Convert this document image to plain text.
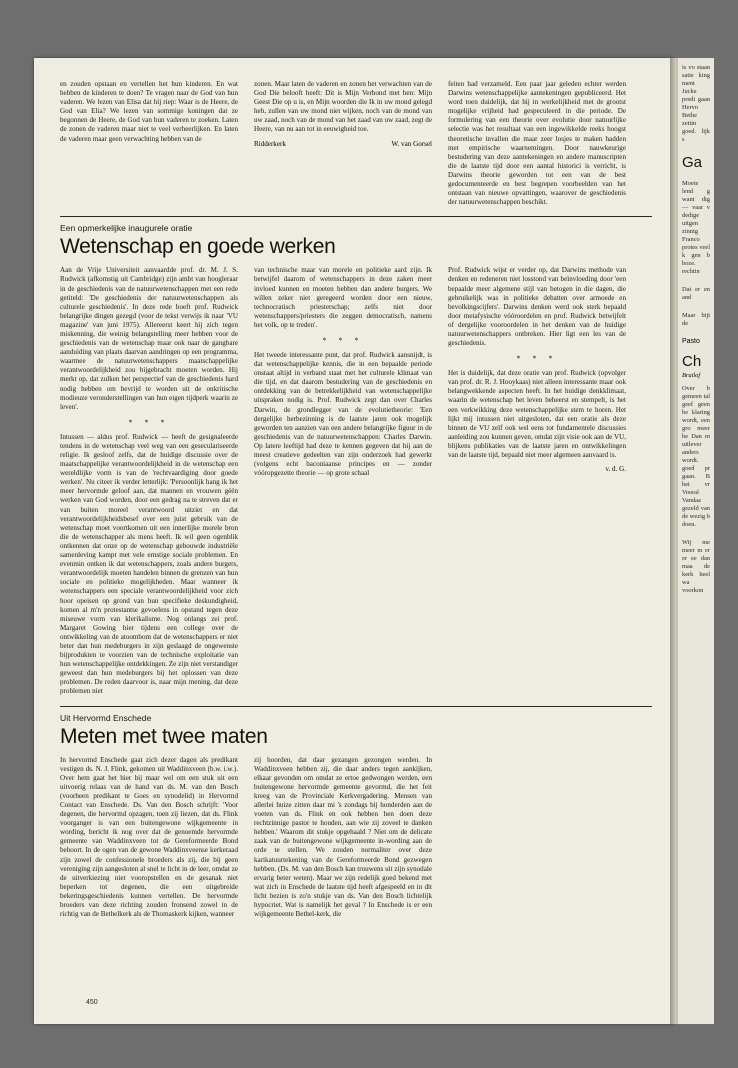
en zouden opstaan en vertellen het hun kinderen. En wat hebben de kinderen te doen? Te vragen naar de God van hun vaderen. We lezen van Elisa dat hij riep: Waar is de Heere, de God van Elia? We lezen van sommige koningen dat ze begonnen de Heere, de God van hun vaderen te zoeken. Laten de zonen de vaderen maar niet te veel verheerlijken. En laten de vaderen maar geen verwachting hebben van de
zonen. Maar laten de vaderen en zonen het verwachten van de God Die belooft heeft: Dit is Mijn Verbond met hen: Mijn Geest Die op u is, en Mijn woorden die Ik in uw mond gelegd heb, zullen van uw mond niet wijken, noch van de mond van uw zaad, noch van de mond van het zaad van uw zaad, zegt de Heere, van nu aan tot in eeuwigheid toe.
Ridderkerk	W. van Gorsel
feiten had verzameld. Een paar jaar geleden echter werden Darwins wetenschappelijke aantekeningen gepubliceerd. Het word toen duidelijk, dat hij in werkelijkheid met de grootst mogelijke vrijheid had gespeculeerd in die periode. De formulering van een theorie over evolutie door natuurlijke selectie was het resultaat van een ingewikkelde reeks hoogst theoretische invallen die maar zeer losjes te maken hadden met empirische waarnemingen. Door nauwkeurige bestudering van deze aantekeningen en andere manuscripten die de laatste tijd door een aantal historici is verricht, is Darwins theorie geworden tot een van de best gedocumenteerde en best begrepen voorbeelden van het ontstaan van nieuwe opvattingen, waarover de geschiedenis der natuurwetenschappen beschikt.
Een opmerkelijke inaugurele oratie
Wetenschap en goede werken
Aan de Vrije Universiteit aanvaardde prof. dr. M. J. S. Rudwick (afkomstig uit Cambridge) zijn ambt van hoogleraar in de geschiedenis van de natuurwetenschappen met een rede getiteld: 'De geschiedenis der natuurwetenschappen als culturele geschiedenis'. In deze rede hoeft prof. Rudwick belangrijke dingen gezegd (voor de tekst verwijs ik naar 'VU magazine' van juni 1975). Allereerst keert hij zich tegen miskenning, die weinig belangstelling meer hebben voor de geschiedenis van de wetenschap maar ook naar de gangbare aanduiding van plaats daarvan aandringen op een programma, waarmee de natuurwetenschappers maatschappelijke verantwoordelijkheid zou bijgebracht moeten worden. Hij merkt op, dat zulken het perspectief van de geschiedenis hard nodig hebben om bevrijd te worden uit de onkritische modieuze veronderstellingen van hun eigen tijdperk waarin ze leven'.
* * *
Intussen — aldus prof. Rudwick — heeft de gesignaleerde tendens in de wetenschap veel weg van een geseculariseerde religie. Ik gesloof zelfs, dat de huidige discussie over de maatschappelijke verantwoordelijkheid in de wetenschap een wereldlijke vorm is van de 'rechtvaardiging door goede werken'. Nu citeer ik verder letterlijk: 'Persoonlijk hang ik het meer hervormde geloof aan, dat mannen en vrouwen géén werken van God worden, door een gedrag na te streven dat er van buiten moreel verantwoord uitziet en dat verantwoordelijkheidsbesef over een juist gebruik van de wetenschap moet voortkomen uit een innerlijke morele bron die de wetenschapper als mens heeft. Ik wil geen ogenblik ontkennen dat onze op de wetenschap gebouwde industriële samenleving kampt met vele ernstige sociale problemen. En evenmin ontken ik dat wetenschappers, zoals andere burgers, verantwoordelijk moeten handelen binnen de grenzen van hun sociale en politieke mogelijkheden. Maar wanneer ik wetenschappers een speciale verantwoordelijkheid voor zich hoor opeisen op grond van hun specifieke deskundigheid, komen al m'n protestantse gevoelens in opstand tegen deze miseuwe vorm van klerikalisme. Nog onlangs zei prof. Margaret Gowing hier tijdens een college over de ontwikkeling van de atoombom dat de wetenschappers er niet beter dan hun medeburgers in zijn geslaagd de ongewenste bijprodukten te voorzien van de technische exploitatie van hun wetenschappelijke ontdekkingen. Ze zijn niet verstandiger geweest dan hun medeburgers bij het oplossen van deze problemen. De reden daarvoor is, naar mijn mening, dat deze problemen niet
van technische maar van morele en politieke aard zijn. Ik betwijfel daarom of wetenschappers in deze zaken meer invloed kunnen en moeten hebben dan andere burgers. We willen zeker niet geregeerd worden door een nieuw, technocratisch priesterschap; zelfs niet door wetenschappers/priesters die zeggen democratisch, namens het volk, op te treden'.
* * *
Het tweede interessante punt, dat prof. Rudwick aansnijdt, is dat wetenschappelijke kennis, die in een bepaalde periode onstaat altijd in verband staat met het culturele klimaat van die tijd, en dat daarom bestudering van de geschiedenis en ontdekking van de betrekkelijkheid van wetenschappelijke uitspraken nodig is. Prof. Rudwick zegt dan over Charles Darwin, de grondlegger van de evolutietheorie: 'Een dergelijke herbezinning is de laatste jaren ook mogelijk geworden ten aanzien van een andere belangrijke figuur in de geschiedenis van de natuurwetenschappen: Charles Darwin. Op latere leeftijd had deze te kennen gegeven dat hij aan de meest creatieve gedeelten van zijn onderzoek had gewerkt (volgens echt baconiaanse principes en — zonder vóóropgezette theorie — op grote schaal
Prof. Rudwick wijst er verder op, dat Darwins methode van denken en redeneren niet losstond van beïnvloeding door 'een bepaalde meer algemene stijl van betogen in die dagen, die gebruikelijk was in politieke debatten over armoede en bevolkingscijfers'. Darwins denken werd ook sterk bepaald door metafysische vóóroordelen en prof. Rudwick betwijfelt of dergelijke vooroordelen in het denken van de huidige natuurwetenschappers ontbreken. Hier ligt een les van de geschiedenis.
* * *
Het is duidelijk, dat deze oratie van prof. Rudwick (opvolger van prof. dr. R. J. Hooykaas) niet alleen interessante maar ook belangwekkende aspecten heeft. In het huidige denkklimaat, waarin de wetenschap het leven beheerst en stempelt, is het een verkwikking deze wetenschappelijke stem te horen. Het lijkt mij intussen niet uitgesloten, dat een oratie als deze binnen de VU zelf ook wel eens tot fundamentele discussies aanleiding zou kunnen geven, omdat zijn visie ook aan de VU, blijkens publikaties van de laatste jaren en ontwikkelingen van de laatste tijd, bepaald niet meer algemeen aanvaard is.
v. d. G.
Uit Hervormd Enschede
Meten met twee maten
In hervormd Enschede gaat zich dezer dagen als predikant vestigen ds. N. J. Flink, gekomen uit Waddinxveen (b.w. i.w.). Over hem gaat het hier bij maar wel om een stuk uit een uitvoerig relaas van de hand van ds. M. van den Bosch (voorheen predikant te Goes en synodelid) in Hervormd Contact van Enschede. Ds. Van den Bosch schrijft: 'Voor degenen, die hervormd opzagen, toen zij liezen, dat ds. Flink voorganger is van een buitengewone wijkgemeente in wording, bericht ik nog over dat de genoemde hervormde gemeente van Waddinxveen tot de Gereformeerde Bond behoort. In de ogen van de gewone Waddinxveense kerkeraad zijn zowel de confessionele broeders als zij, die bij geen vereniging zijn aangesloten al snel te licht in de leer, omdat ze de uitverkiezing niet vooropstellen en de gesanak niet beperken tot degenen, die een uitgebreide bekeringsgeschiedenis kunnen vertellen. De hervormde broeders van deze richting zouden fronsend zowel in de richtig van de Bethelkerk als de Thomaskerk kijken, wanneer
zij hoorden, dat daar gezangen gezongen werden. In Waddinxveen hebben zij, die daar anders tegen aankijken, elkaar gevonden om omdat ze ertoe gedwongen werden, een buitengewone hervormde gemeente gevormd, die het feit kreeg van de Provinciale Kerkvergadering. Mensen van allerlei huize zitten daar mi 's zondags bij honderden aan de voeten van ds. Flink en ook hebben hen doen deze rechtzinnige pastor te houden, aan wie zij zoveel te danken hebben.' Waarom dit stukje opgehaald ? Niet om de delicate zaak van de buitengewone wijkgemeente in-wording aan de orde te stellen. We zouden normaliter over deze karikatuurtekening van de Gereformeerde Bond gezwegen hebben. (Ds. M. van den Bosch kan trouwens uit zijn synodale ervarig beter weten). Maar we zijn redelijk goed bekend met wat zich in Enschede de laatste tijd heeft afgespeeld en in dit licht bezien is zo'n stukje van ds. Van den Bosch lichtelijk hypocriet. Wat is namelijk het geval ? In Enschede is er een wijkgemeente Bethel-kerk, die
450
is vo staan satie king ment Jucke predi gaan Hervo Bethe zettin goed. lijk s
Ga
Moete lend g want dig — vaar v dedige uitgen zinnig Franco protes veel k gen b boze. rechtin
Dat er en and
Maar bijt de
Pasto
Ch
Bruilof
Over b gemeen tal geef geen be klaring wordt, een gro meer he Dan m uitlever anders wordt. goed pr gaan. B het vr Vooral Vandaa gezeld van de wezig b doen.
Wij me meer m er er ee dan maa de kerk heel wa voorkon
